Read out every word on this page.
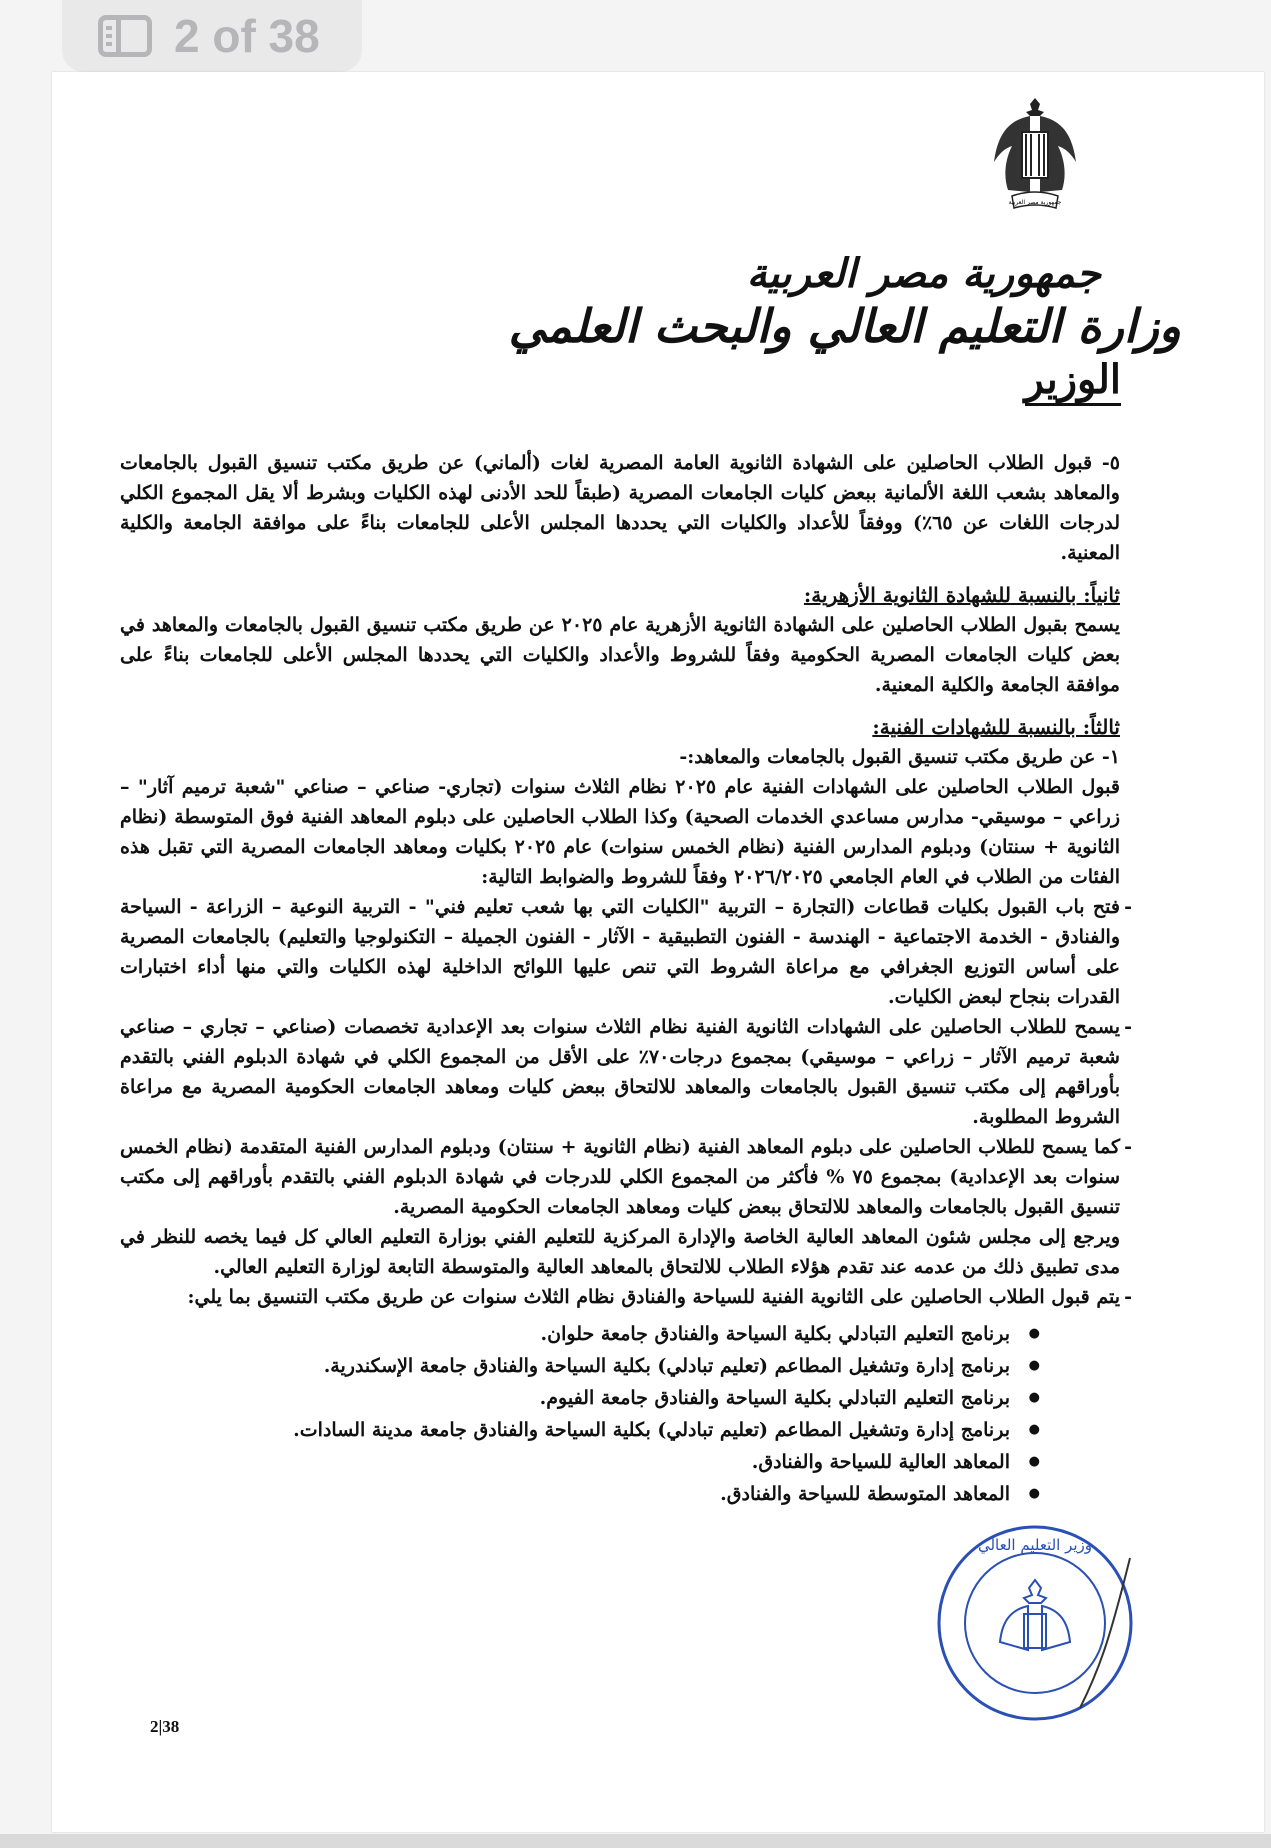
2 of 38
جمهورية مصر العربية
جمهورية مصر العربية
وزارة التعليم العالي والبحث العلمي
الوزير

٥- قبول الطلاب الحاصلين على الشهادة الثانوية العامة المصرية لغات (ألماني) عن طريق مكتب تنسيق القبول بالجامعات والمعاهد بشعب اللغة الألمانية ببعض كليات الجامعات المصرية (طبقاً للحد الأدنى لهذه الكليات وبشرط ألا يقل المجموع الكلي لدرجات اللغات عن ٦٥٪) ووفقاً للأعداد والكليات التي يحددها المجلس الأعلى للجامعات بناءً على موافقة الجامعة والكلية المعنية.

ثانياً: بالنسبة للشهادة الثانوية الأزهرية:

يسمح بقبول الطلاب الحاصلين على الشهادة الثانوية الأزهرية عام ٢٠٢٥ عن طريق مكتب تنسيق القبول بالجامعات والمعاهد في بعض كليات الجامعات المصرية الحكومية وفقاً للشروط والأعداد والكليات التي يحددها المجلس الأعلى للجامعات بناءً على موافقة الجامعة والكلية المعنية.

ثالثاً: بالنسبة للشهادات الفنية:

١- عن طريق مكتب تنسيق القبول بالجامعات والمعاهد:-

قبول الطلاب الحاصلين على الشهادات الفنية عام ٢٠٢٥ نظام الثلاث سنوات (تجاري- صناعي – صناعي "شعبة ترميم آثار" – زراعي – موسيقي- مدارس مساعدي الخدمات الصحية) وكذا الطلاب الحاصلين على دبلوم المعاهد الفنية فوق المتوسطة (نظام الثانوية + سنتان) ودبلوم المدارس الفنية (نظام الخمس سنوات) عام ٢٠٢٥ بكليات ومعاهد الجامعات المصرية التي تقبل هذه الفئات من الطلاب في العام الجامعي ٢٠٢٦/٢٠٢٥ وفقاً للشروط والضوابط التالية:

-
فتح باب القبول بكليات قطاعات (التجارة – التربية "الكليات التي بها شعب تعليم فني" - التربية النوعية – الزراعة - السياحة والفنادق - الخدمة الاجتماعية - الهندسة - الفنون التطبيقية - الآثار - الفنون الجميلة – التكنولوجيا والتعليم) بالجامعات المصرية على أساس التوزيع الجغرافي مع مراعاة الشروط التي تنص عليها اللوائح الداخلية لهذه الكليات والتي منها أداء اختبارات القدرات بنجاح لبعض الكليات.
-
يسمح للطلاب الحاصلين على الشهادات الثانوية الفنية نظام الثلاث سنوات بعد الإعدادية تخصصات (صناعي – تجاري – صناعي شعبة ترميم الآثار – زراعي – موسيقي) بمجموع درجات٧٠٪ على الأقل من المجموع الكلي في شهادة الدبلوم الفني بالتقدم بأوراقهم إلى مكتب تنسيق القبول بالجامعات والمعاهد للالتحاق ببعض كليات ومعاهد الجامعات الحكومية المصرية مع مراعاة الشروط المطلوبة.
-
كما يسمح للطلاب الحاصلين على دبلوم المعاهد الفنية (نظام الثانوية + سنتان) ودبلوم المدارس الفنية المتقدمة (نظام الخمس سنوات بعد الإعدادية) بمجموع ٧٥ % فأكثر من المجموع الكلي للدرجات في شهادة الدبلوم الفني بالتقدم بأوراقهم إلى مكتب تنسيق القبول بالجامعات والمعاهد للالتحاق ببعض كليات ومعاهد الجامعات الحكومية المصرية.

ويرجع إلى مجلس شئون المعاهد العالية الخاصة والإدارة المركزية للتعليم الفني بوزارة التعليم العالي كل فيما يخصه للنظر في مدى تطبيق ذلك من عدمه عند تقدم هؤلاء الطلاب للالتحاق بالمعاهد العالية والمتوسطة التابعة لوزارة التعليم العالي.

-
يتم قبول الطلاب الحاصلين على الثانوية الفنية للسياحة والفنادق نظام الثلاث سنوات عن طريق مكتب التنسيق بما يلي:
● برنامج التعليم التبادلي بكلية السياحة والفنادق جامعة حلوان.
● برنامج إدارة وتشغيل المطاعم (تعليم تبادلي) بكلية السياحة والفنادق جامعة الإسكندرية.
● برنامج التعليم التبادلي بكلية السياحة والفنادق جامعة الفيوم.
● برنامج إدارة وتشغيل المطاعم (تعليم تبادلي) بكلية السياحة والفنادق جامعة مدينة السادات.
● المعاهد العالية للسياحة والفنادق.
● المعاهد المتوسطة للسياحة والفنادق.
وزير التعليم العالي
2|38
